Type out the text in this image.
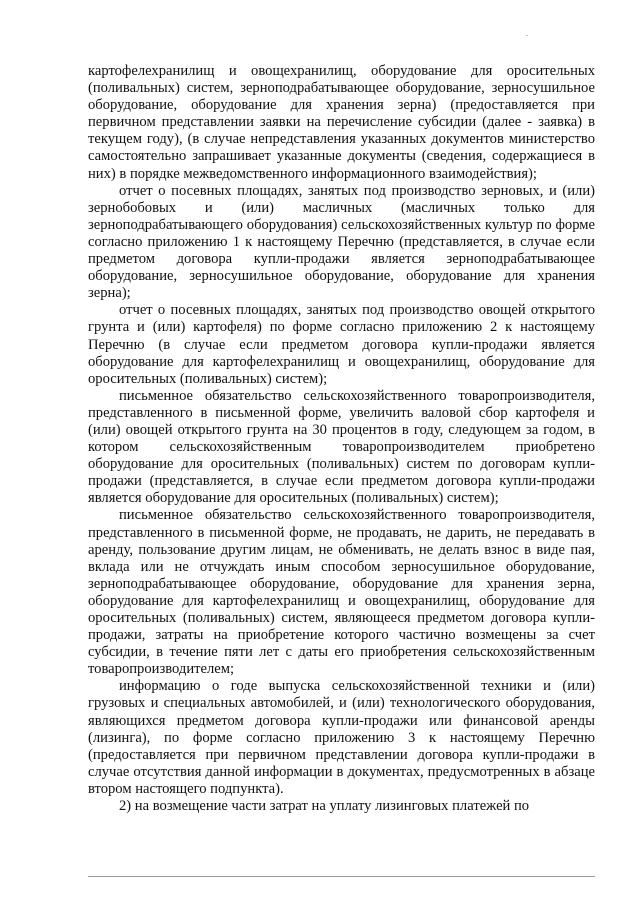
картофелехранилищ и овощехранилищ, оборудование для оросительных (поливальных) систем, зерноподрабатывающее оборудование, зерносушильное оборудование, оборудование для хранения зерна) (предоставляется при первичном представлении заявки на перечисление субсидии (далее - заявка) в текущем году), (в случае непредставления указанных документов министерство самостоятельно запрашивает указанные документы (сведения, содержащиеся в них) в порядке межведомственного информационного взаимодействия);

отчет о посевных площадях, занятых под производство зерновых, и (или) зернобобовых и (или) масличных (масличных только для зерноподрабатывающего оборудования) сельскохозяйственных культур по форме согласно приложению 1 к настоящему Перечню (представляется, в случае если предметом договора купли-продажи является зерноподрабатывающее оборудование, зерносушильное оборудование, оборудование для хранения зерна);

отчет о посевных площадях, занятых под производство овощей открытого грунта и (или) картофеля) по форме согласно приложению 2 к настоящему Перечню (в случае если предметом договора купли-продажи является оборудование для картофелехранилищ и овощехранилищ, оборудование для оросительных (поливальных) систем);

письменное обязательство сельскохозяйственного товаропроизводителя, представленного в письменной форме, увеличить валовой сбор картофеля и (или) овощей открытого грунта на 30 процентов в году, следующем за годом, в котором сельскохозяйственным товаропроизводителем приобретено оборудование для оросительных (поливальных) систем по договорам купли-продажи (представляется, в случае если предметом договора купли-продажи является оборудование для оросительных (поливальных) систем);

письменное обязательство сельскохозяйственного товаропроизводителя, представленного в письменной форме, не продавать, не дарить, не передавать в аренду, пользование другим лицам, не обменивать, не делать взнос в виде пая, вклада или не отчуждать иным способом зерносушильное оборудование, зерноподрабатывающее оборудование, оборудование для хранения зерна, оборудование для картофелехранилищ и овощехранилищ, оборудование для оросительных (поливальных) систем, являющееся предметом договора купли-продажи, затраты на приобретение которого частично возмещены за счет субсидии, в течение пяти лет с даты его приобретения сельскохозяйственным товаропроизводителем;

информацию о годе выпуска сельскохозяйственной техники и (или) грузовых и специальных автомобилей, и (или) технологического оборудования, являющихся предметом договора купли-продажи или финансовой аренды (лизинга), по форме согласно приложению 3 к настоящему Перечню (предоставляется при первичном представлении договора купли-продажи в случае отсутствия данной информации в документах, предусмотренных в абзаце втором настоящего подпункта).

2) на возмещение части затрат на уплату лизинговых платежей по
